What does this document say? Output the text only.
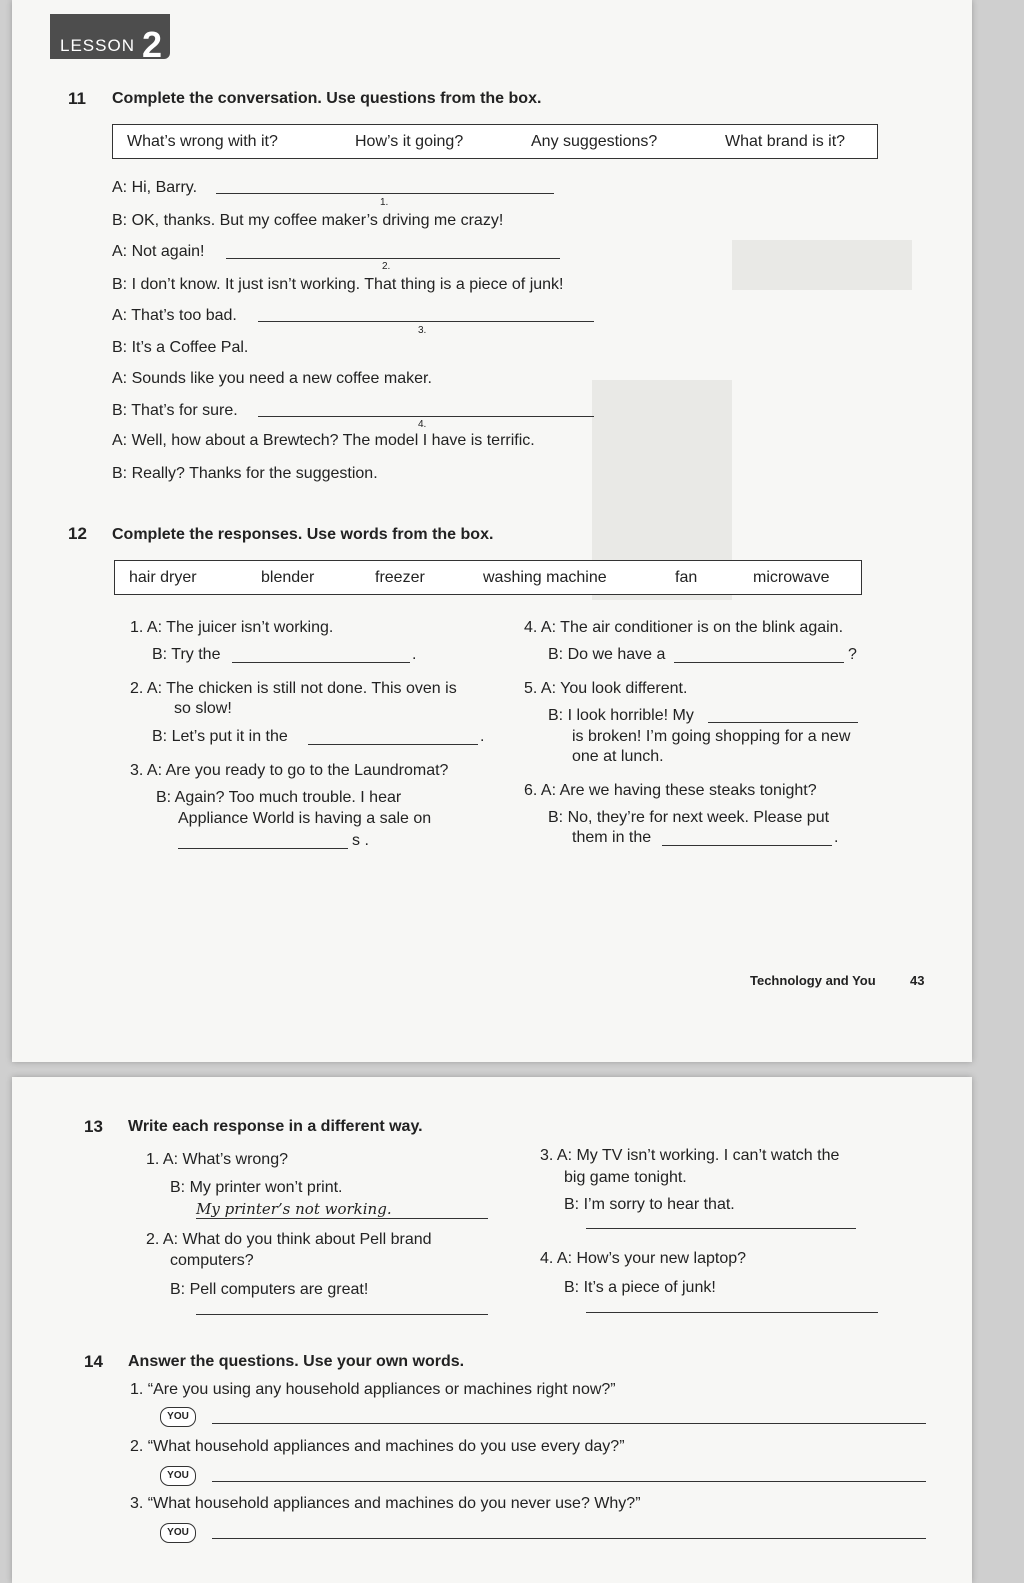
LESSON 2
11 Complete the conversation. Use questions from the box.
What’s wrong with it?	How’s it going?	Any suggestions?	What brand is it?
A: Hi, Barry.
1.
B: OK, thanks. But my coffee maker’s driving me crazy!
A: Not again!
2.
B: I don’t know. It just isn’t working. That thing is a piece of junk!
A: That’s too bad.
3.
B: It’s a Coffee Pal.
A: Sounds like you need a new coffee maker.
B: That’s for sure.
4.
A: Well, how about a Brewtech? The model I have is terrific.
B: Really? Thanks for the suggestion.
12 Complete the responses. Use words from the box.
hair dryer	blender	freezer	washing machine	fan	microwave
1. A: The juicer isn’t working.
B: Try the	.
2. A: The chicken is still not done. This oven is
so slow!
B: Let’s put it in the	.
3. A: Are you ready to go to the Laundromat?
B: Again? Too much trouble. I hear
Appliance World is having a sale on
s .
4. A: The air conditioner is on the blink again.
B: Do we have a	?
5. A: You look different.
B: I look horrible! My
is broken! I’m going shopping for a new
one at lunch.
6. A: Are we having these steaks tonight?
B: No, they’re for next week. Please put
them in the	.
Technology and You	43
13 Write each response in a different way.
1. A: What’s wrong?
B: My printer won’t print.
My printer’s not working.
2. A: What do you think about Pell brand
computers?
B: Pell computers are great!
3. A: My TV isn’t working. I can’t watch the
big game tonight.
B: I’m sorry to hear that.
4. A: How’s your new laptop?
B: It’s a piece of junk!
14 Answer the questions. Use your own words.
1. “Are you using any household appliances or machines right now?”
YOU
2. “What household appliances and machines do you use every day?”
YOU
3. “What household appliances and machines do you never use? Why?”
YOU
